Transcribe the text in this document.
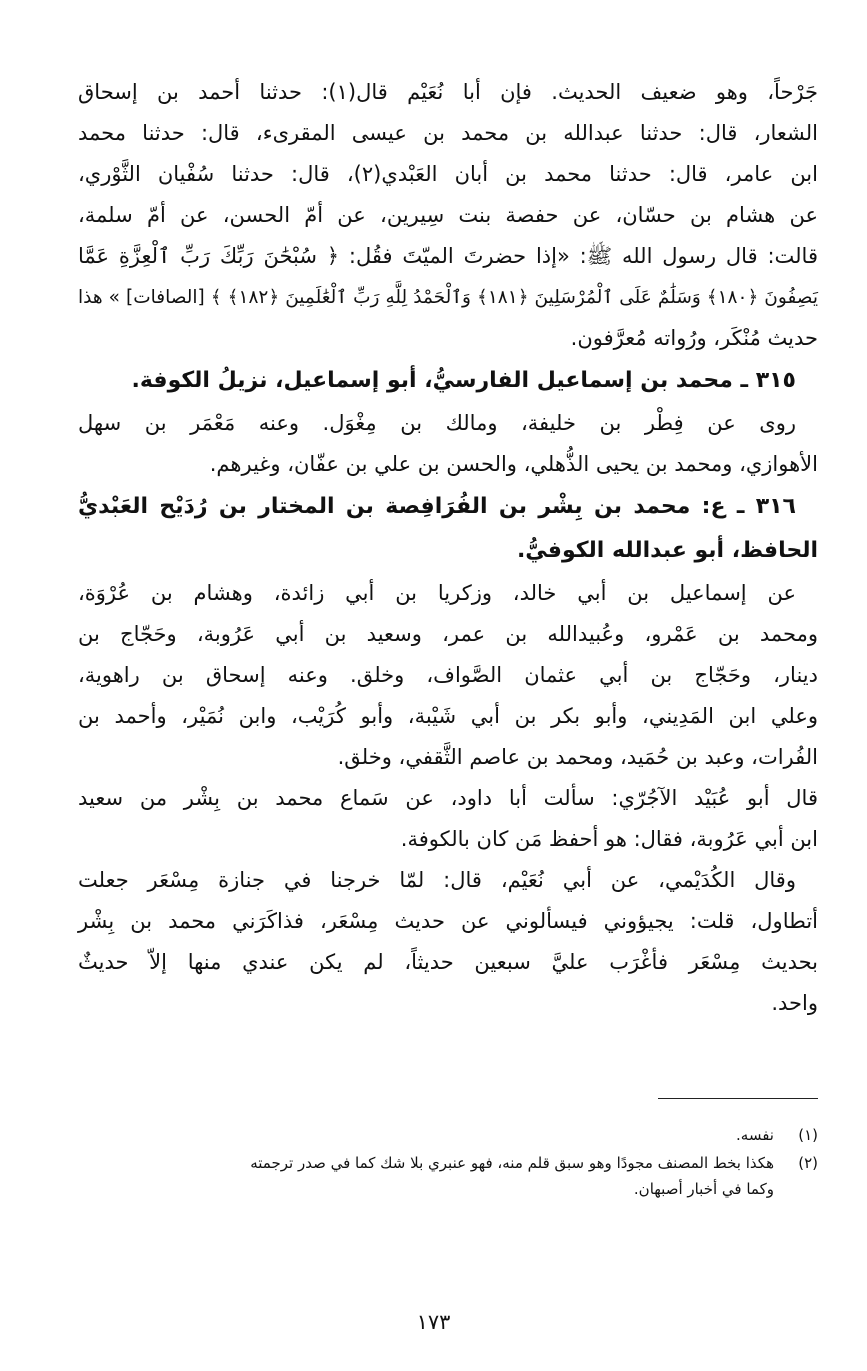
جَرْحاً، وهو ضعيف الحديث. فإن أبا نُعَيْم قال(١): حدثنا أحمد بن إسحاق
الشعار، قال: حدثنا عبدالله بن محمد بن عيسى المقرىء، قال: حدثنا محمد
ابن عامر، قال: حدثنا محمد بن أبان العَبْدي(٢)، قال: حدثنا سُفْيان الثَّوْري،
عن هشام بن حسّان، عن حفصة بنت سِيرين، عن أمّ الحسن، عن أمّ سلمة،
قالت: قال رسول الله ﷺ: «إذا حضرتَ الميّتَ فقُل: ﴿ سُبْحَٰنَ رَبِّكَ رَبِّ ٱلْعِزَّةِ عَمَّا
يَصِفُونَ ﴿١٨٠﴾ وَسَلَٰمٌ عَلَى ٱلْمُرْسَلِينَ ﴿١٨١﴾ وَٱلْحَمْدُ لِلَّهِ رَبِّ ٱلْعَٰلَمِينَ ﴿١٨٢﴾ ﴾ [الصافات] » هذا
حديث مُنْكَر، ورُواته مُعرَّفون.
٣١٥ ـ محمد بن إسماعيل الفارسيُّ، أبو إسماعيل، نزيلُ الكوفة.
روى عن فِطْر بن خليفة، ومالك بن مِغْوَل. وعنه مَعْمَر بن سهل
الأهوازي، ومحمد بن يحيى الذُّهلي، والحسن بن علي بن عفّان، وغيرهم.
٣١٦ ـ ع: محمد بن بِشْر بن الفُرَافِصة بن المختار بن رُدَيْح العَبْديُّ
الحافظ، أبو عبدالله الكوفيُّ.
عن إسماعيل بن أبي خالد، وزكريا بن أبي زائدة، وهشام بن عُرْوَة،
ومحمد بن عَمْرو، وعُبيدالله بن عمر، وسعيد بن أبي عَرُوبة، وحَجّاج بن
دينار، وحَجّاج بن أبي عثمان الصَّواف، وخلق. وعنه إسحاق بن راهوية،
وعلي ابن المَدِيني، وأبو بكر بن أبي شَيْبة، وأبو كُرَيْب، وابن نُمَيْر، وأحمد بن
الفُرات، وعبد بن حُمَيد، ومحمد بن عاصم الثَّقفي، وخلق.
قال أبو عُبَيْد الآجُرّي: سألت أبا داود، عن سَماع محمد بن بِشْر من سعيد
ابن أبي عَرُوبة، فقال: هو أحفظ مَن كان بالكوفة.
وقال الكُدَيْمي، عن أبي نُعَيْم، قال: لمّا خرجنا في جنازة مِسْعَر جعلت
أتطاول، قلت: يجيؤوني فيسألوني عن حديث مِسْعَر، فذاكَرَني محمد بن بِشْر
بحديث مِسْعَر فأغْرَب عليَّ سبعين حديثاً، لم يكن عندي منها إلاّ حديثٌ
واحد.
(١)
نفسه.
(٢)
هكذا بخط المصنف مجودًا وهو سبق قلم منه، فهو عنبري بلا شك كما في صدر ترجمته
وكما في أخبار أصبهان.
١٧٣
